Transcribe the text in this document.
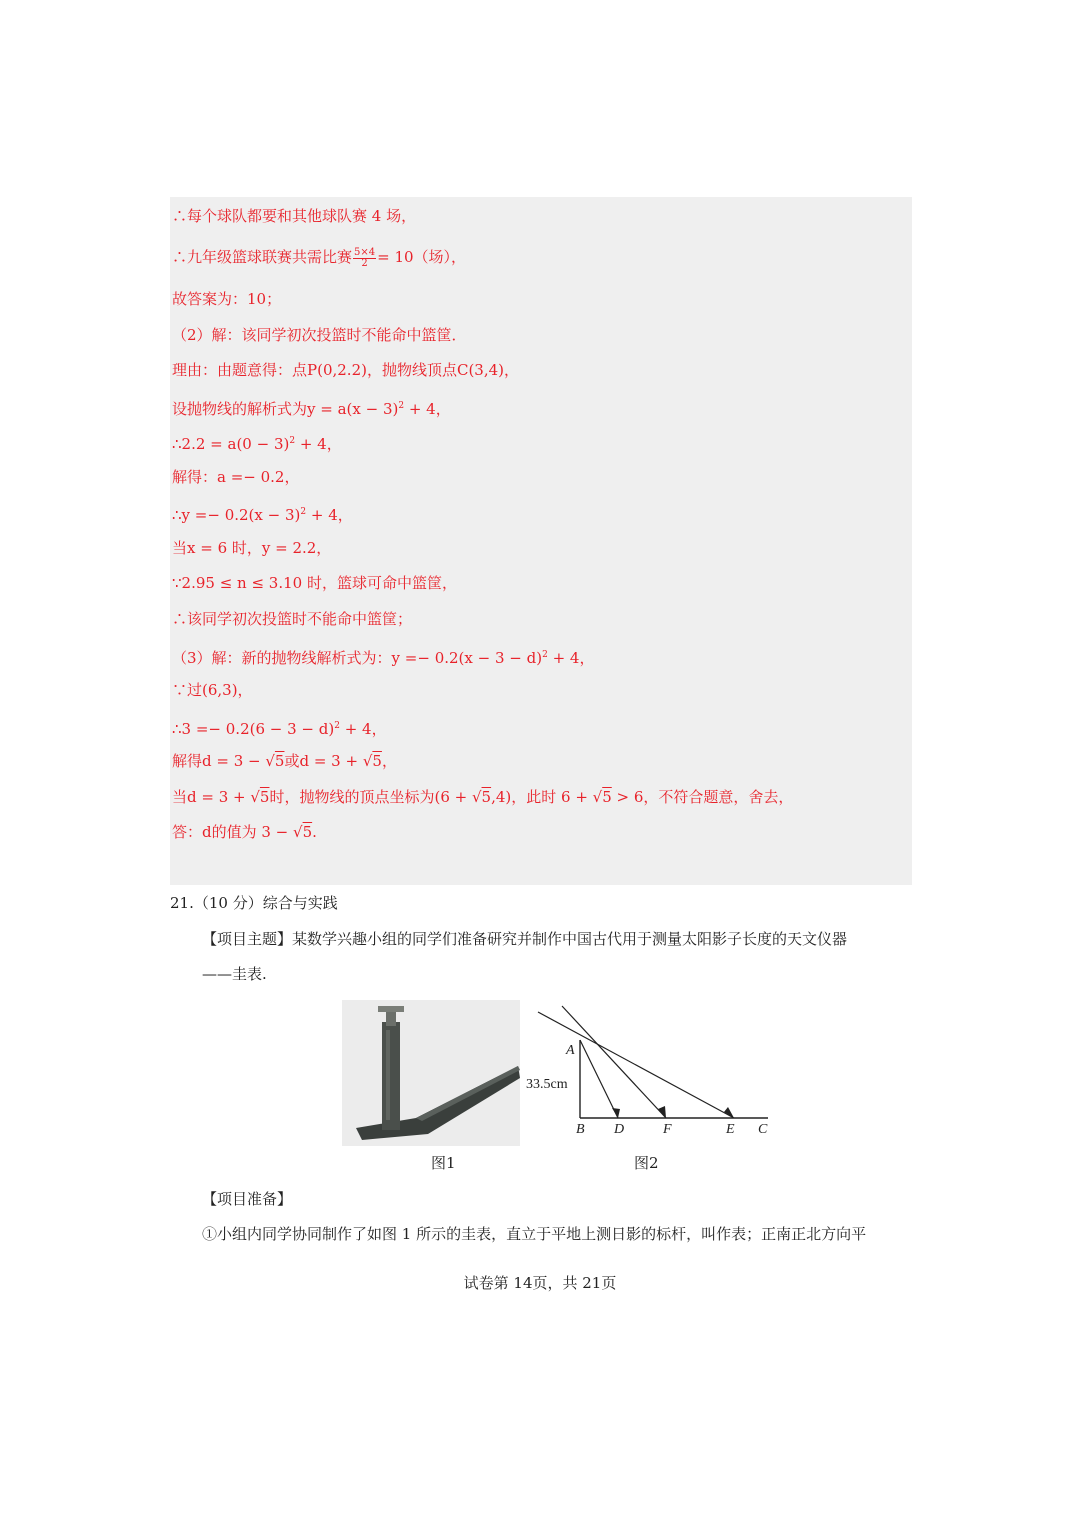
∴每个球队都要和其他球队赛 4 场，
∴九年级篮球联赛共需比赛 $\frac{5\times 4}{2} = 10$（场），
故答案为：10；
（2）解：该同学初次投篮时不能命中篮筐．
理由：由题意得：点P(0,2.2)，抛物线顶点C(3,4)，
设抛物线的解析式为$y = a(x - 3)^2 + 4$，
∴2.2 = $a(0 - 3)^2 + 4$，
解得：a =− 0.2，
∴y =− $0.2(x - 3)^2 + 4$，
当x = 6 时，y = 2.2，
∵2.95 ≤ n ≤ 3.10 时，篮球可命中篮筐，
∴该同学初次投篮时不能命中篮筐；
（3）解：新的抛物线解析式为：$y =- 0.2(x - 3 - d)^2 + 4$，
∵过(6,3)，
∴3 =− $0.2(6 - 3 - d)^2 + 4$，
解得d = 3 − √5或d = 3 + √5，
当d = 3 + √5时，抛物线的顶点坐标为(6 + √5,4)，此时 6 + √5 > 6，不符合题意，舍去，
答：d的值为 3 − √5.
21.（10 分）综合与实践
【项目主题】某数学兴趣小组的同学们准备研究并制作中国古代用于测量太阳影子长度的天文仪器
——圭表.
A
B D	F	E C
33.5cm
图1	图2
【项目准备】
①小组内同学协同制作了如图 1 所示的圭表，直立于平地上测日影的标杆，叫作表；正南正北方向平
试卷第 14页，共 21页
